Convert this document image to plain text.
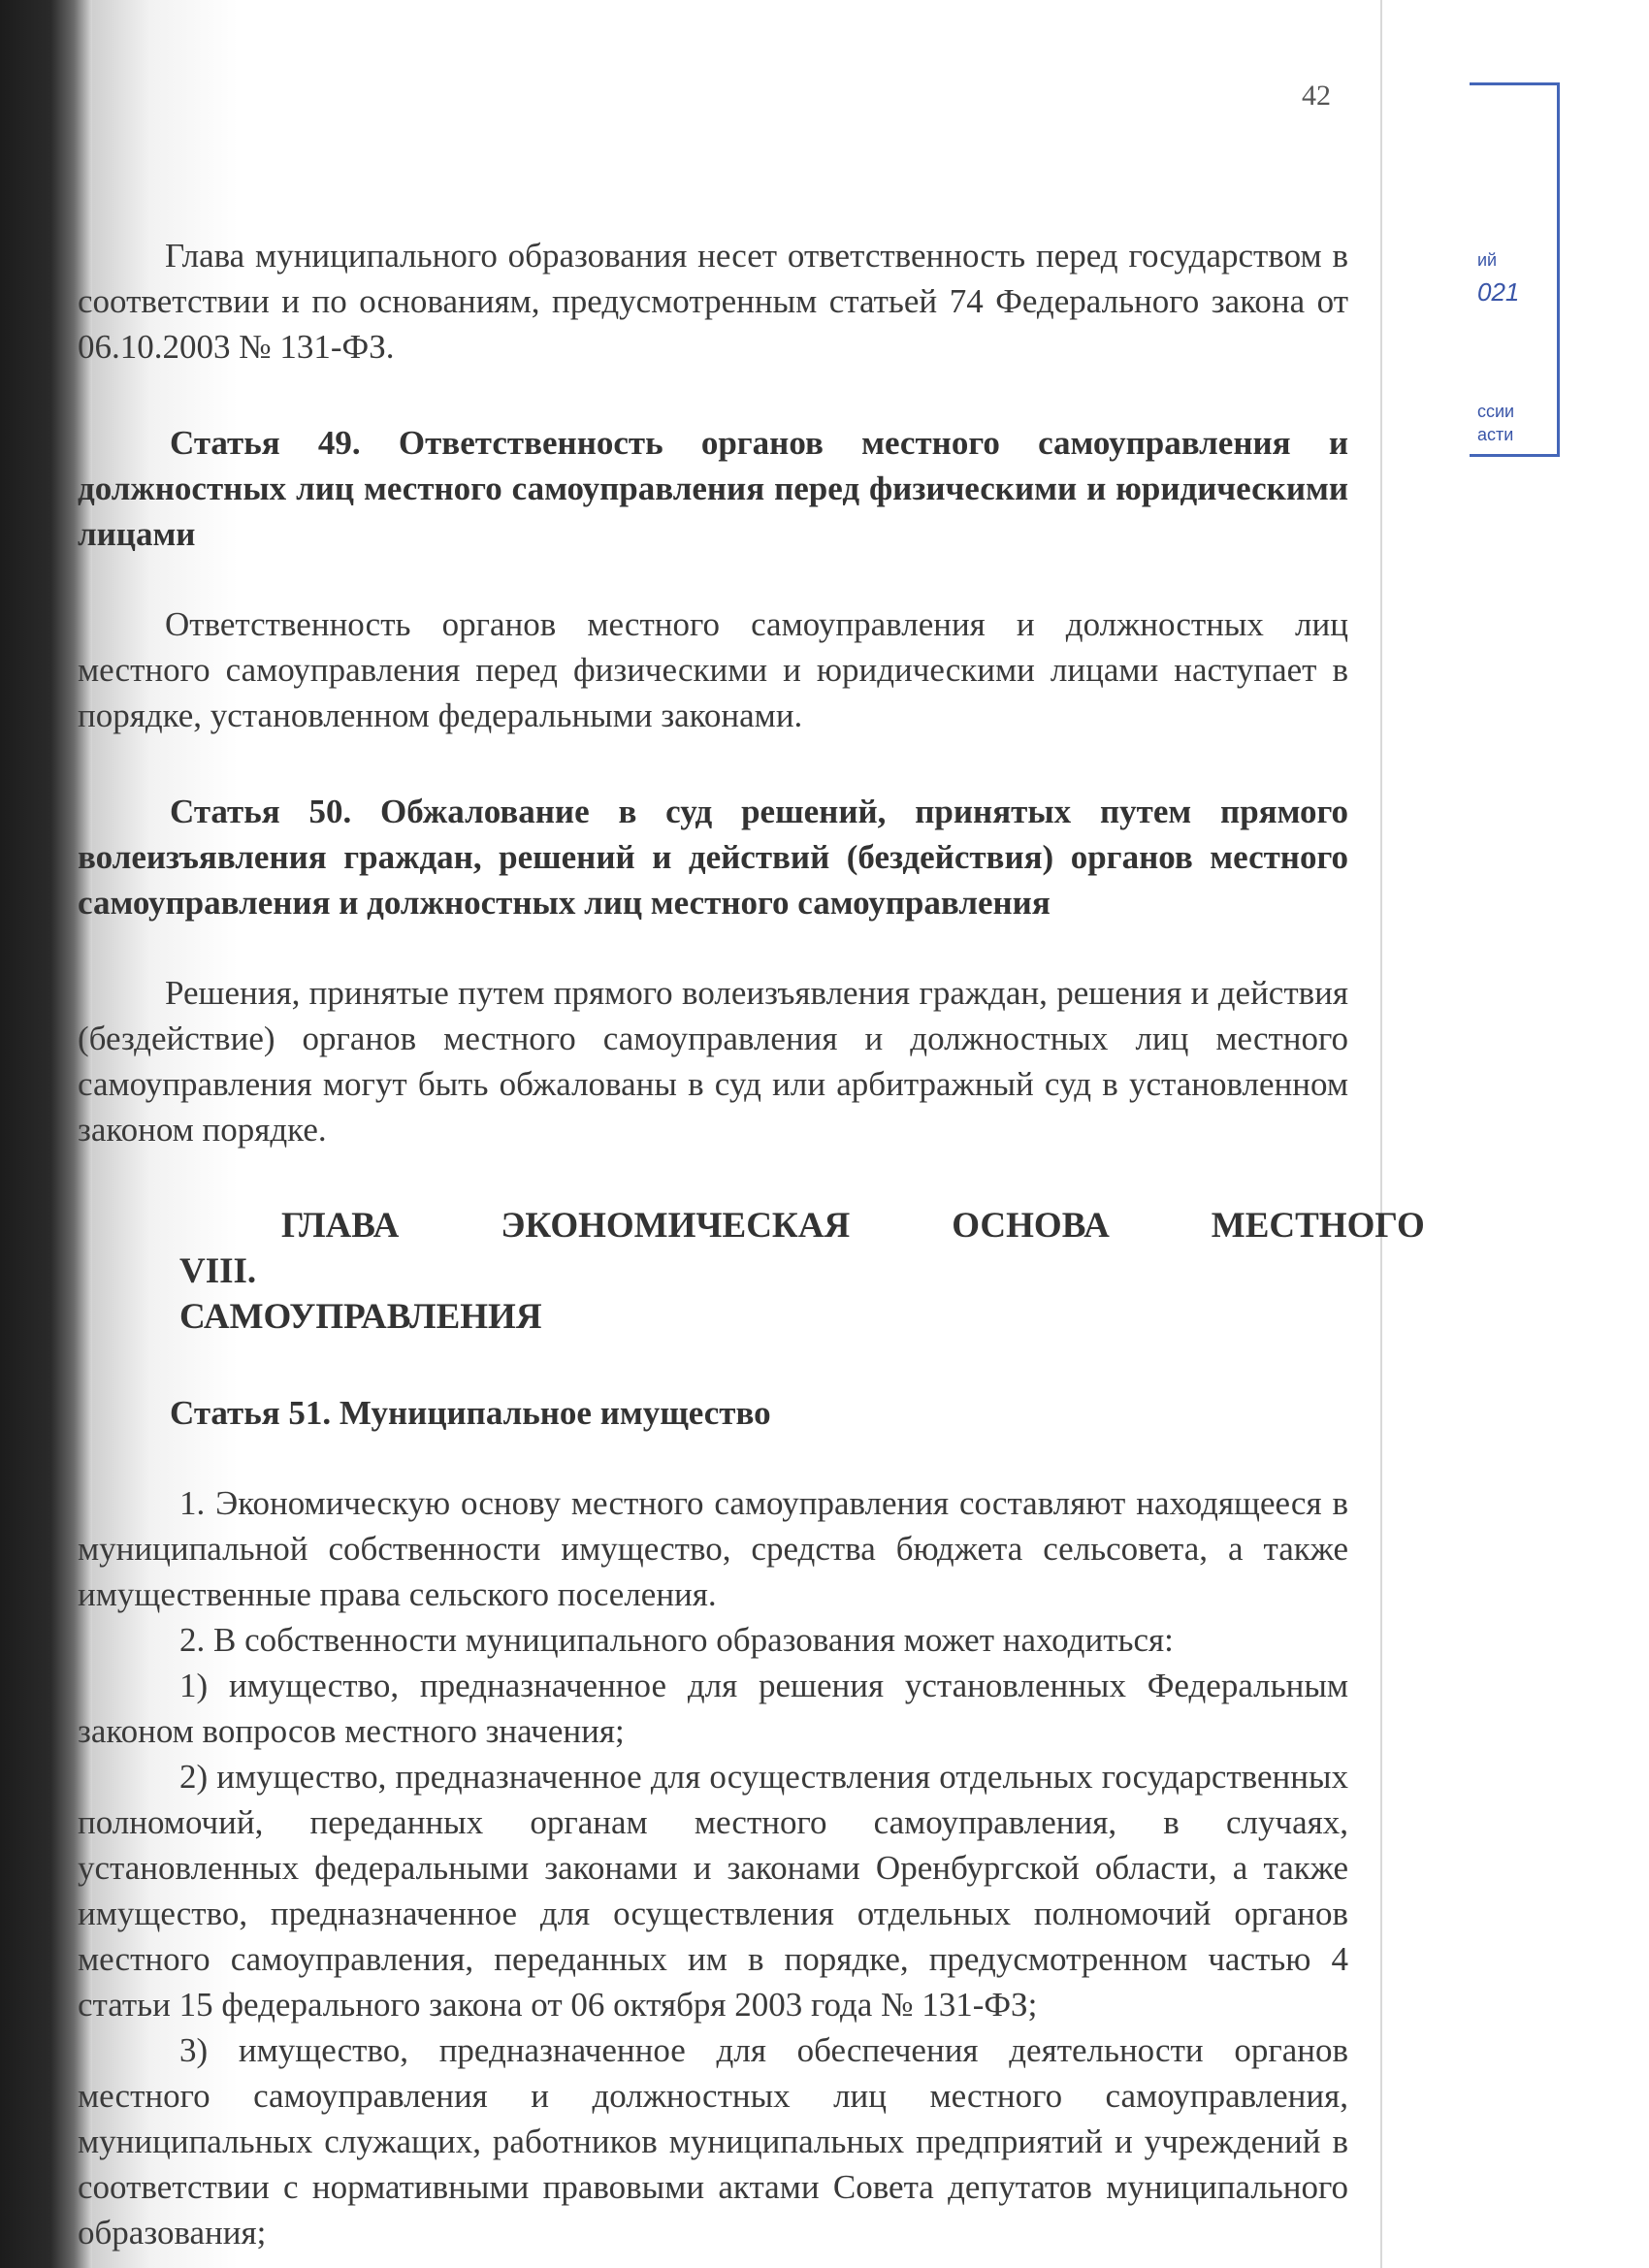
42
ий
021
ссии
асти

Глава муниципального образования несет ответственность перед государством в соответствии и по основаниям, предусмотренным статьей 74 Федерального закона от 06.10.2003 № 131-ФЗ.

Статья 49. Ответственность органов местного самоуправления и должностных лиц местного самоуправления перед физическими и юридическими лицами

Ответственность органов местного самоуправления и должностных лиц местного самоуправления перед физическими и юридическими лицами наступает в порядке, установленном федеральными законами.

Статья 50. Обжалование в суд решений, принятых путем прямого волеизъявления граждан, решений и действий (бездействия) органов местного самоуправления и должностных лиц местного самоуправления

Решения, принятые путем прямого волеизъявления граждан, решения и действия (бездействие) органов местного самоуправления и должностных лиц местного самоуправления могут быть обжалованы в суд или арбитражный суд в установленном законом порядке.

ГЛАВА VIII.
ЭКОНОМИЧЕСКАЯ	ОСНОВА	МЕСТНОГО
САМОУПРАВЛЕНИЯ

Статья 51. Муниципальное имущество

1. Экономическую основу местного самоуправления составляют находящееся в муниципальной собственности имущество, средства бюджета сельсовета, а также имущественные права сельского поселения.

2. В собственности муниципального образования может находиться:

1) имущество, предназначенное для решения установленных Федеральным законом вопросов местного значения;

2) имущество, предназначенное для осуществления отдельных государственных полномочий, переданных органам местного самоуправления, в случаях, установленных федеральными законами и законами Оренбургской области, а также имущество, предназначенное для осуществления отдельных полномочий органов местного самоуправления, переданных им в порядке, предусмотренном частью 4 статьи 15 федерального закона от 06 октября 2003 года № 131-ФЗ;

3) имущество, предназначенное для обеспечения деятельности органов местного самоуправления и должностных лиц местного самоуправления, муниципальных служащих, работников муниципальных предприятий и учреждений в соответствии с нормативными правовыми актами Совета депутатов муниципального образования;
